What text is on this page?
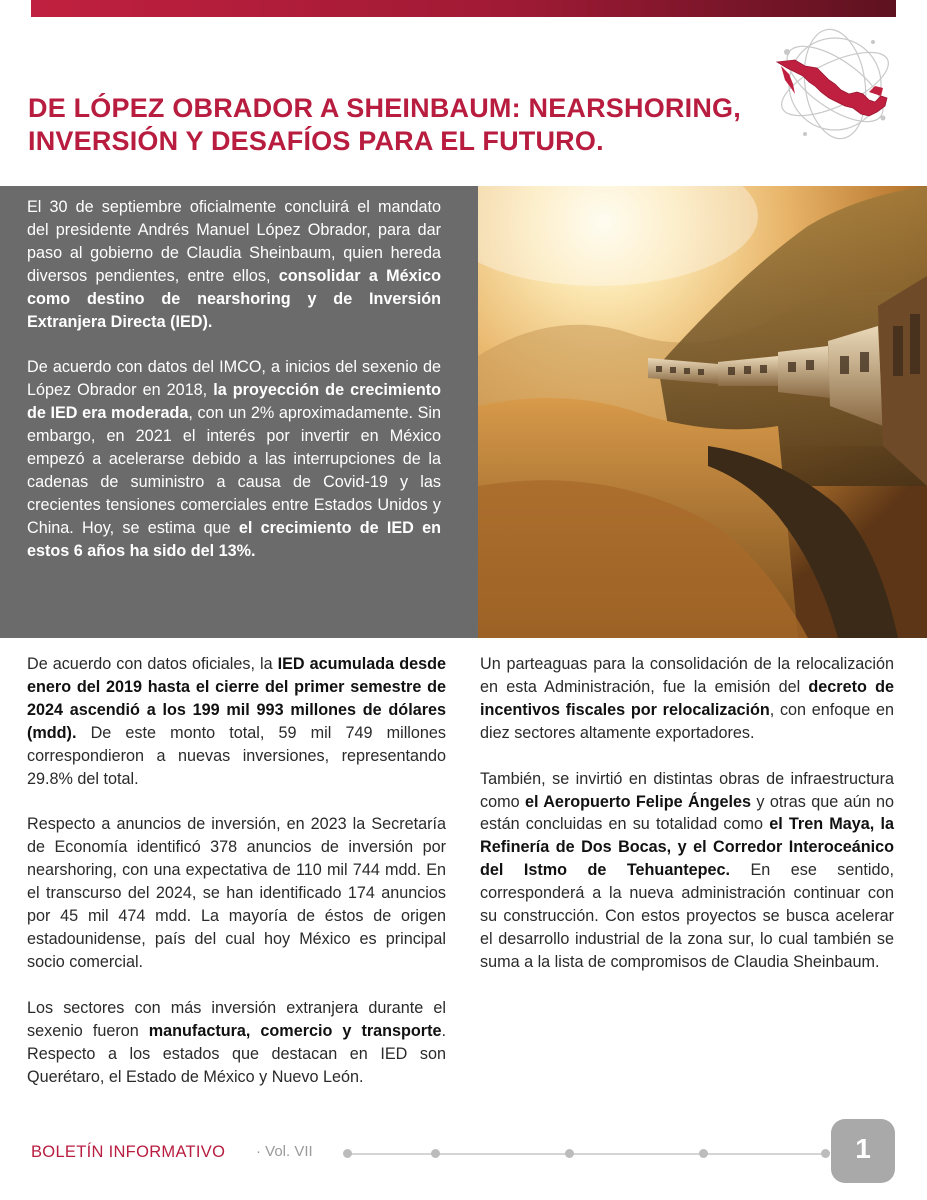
DE LÓPEZ OBRADOR A SHEINBAUM: NEARSHORING,
INVERSIÓN Y DESAFÍOS PARA EL FUTURO.

El 30 de septiembre oficialmente concluirá el mandato del presidente Andrés Manuel López Obrador, para dar paso al gobierno de Claudia Sheinbaum, quien hereda diversos pendientes, entre ellos, consolidar a México como destino de nearshoring y de Inversión Extranjera Directa (IED).

De acuerdo con datos del IMCO, a inicios del sexenio de López Obrador en 2018, la proyección de crecimiento de IED era moderada, con un 2% aproximadamente. Sin embargo, en 2021 el interés por invertir en México empezó a acelerarse debido a las interrupciones de la cadenas de suministro a causa de Covid-19 y las crecientes tensiones comerciales entre Estados Unidos y China. Hoy, se estima que el crecimiento de IED en estos 6 años ha sido del 13%.

De acuerdo con datos oficiales, la IED acumulada desde enero del 2019 hasta el cierre del primer semestre de 2024 ascendió a los 199 mil 993 millones de dólares (mdd). De este monto total, 59 mil 749 millones correspondieron a nuevas inversiones, representando 29.8% del total.

Respecto a anuncios de inversión, en 2023 la Secretaría de Economía identificó 378 anuncios de inversión por nearshoring, con una expectativa de 110 mil 744 mdd. En el transcurso del 2024, se han identificado 174 anuncios por 45 mil 474 mdd. La mayoría de éstos de origen estadounidense, país del cual hoy México es principal socio comercial.

Los sectores con más inversión extranjera durante el sexenio fueron manufactura, comercio y transporte. Respecto a los estados que destacan en IED son Querétaro, el Estado de México y Nuevo León.

Un parteaguas para la consolidación de la relocalización en esta Administración, fue la emisión del decreto de incentivos fiscales por relocalización, con enfoque en diez sectores altamente exportadores.

También, se invirtió en distintas obras de infraestructura como el Aeropuerto Felipe Ángeles y otras que aún no están concluidas en su totalidad como el Tren Maya, la Refinería de Dos Bocas, y el Corredor Interoceánico del Istmo de Tehuantepec. En ese sentido, corresponderá a la nueva administración continuar con su construcción. Con estos proyectos se busca acelerar el desarrollo industrial de la zona sur, lo cual también se suma a la lista de compromisos de Claudia Sheinbaum.

BOLETÍN INFORMATIVO · Vol. VII	1
